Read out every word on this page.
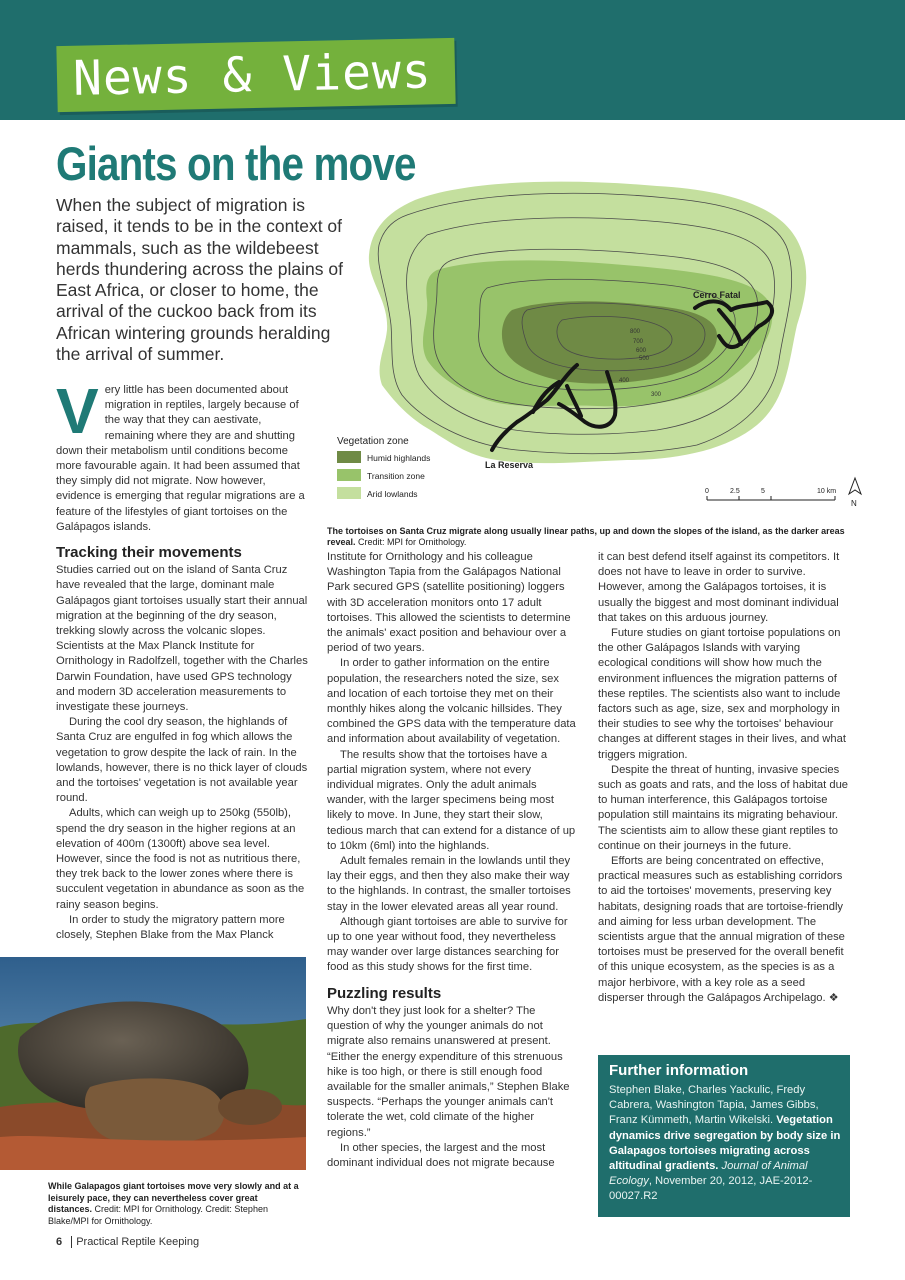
News & Views
Giants on the move

When the subject of migration is raised, it tends to be in the context of mammals, such as the wildebeest herds thundering across the plains of East Africa, or closer to home, the arrival of the cuckoo back from its African wintering grounds heralding the arrival of summer.

Very little has been documented about migration in reptiles, largely because of the way that they can aestivate, remaining where they are and shutting down their metabolism until conditions become more favourable again. It had been assumed that they simply did not migrate. Now however, evidence is emerging that regular migrations are a feature of the lifestyles of giant tortoises on the Galápagos islands.

800
700
600
500
400
300
Cerro Fatal
La Reserva
Vegetation zone
Humid highlands
Transition zone
Arid lowlands	0	2.5	5	10 km
N
The tortoises on Santa Cruz migrate along usually linear paths, up and down the slopes of the island, as the darker areas reveal. Credit: MPI for Ornithology.
Tracking their movements

Studies carried out on the island of Santa Cruz have revealed that the large, dominant male Galápagos giant tortoises usually start their annual migration at the beginning of the dry season, trekking slowly across the volcanic slopes. Scientists at the Max Planck Institute for Ornithology in Radolfzell, together with the Charles Darwin Foundation, have used GPS technology and modern 3D acceleration measurements to investigate these journeys.

During the cool dry season, the highlands of Santa Cruz are engulfed in fog which allows the vegetation to grow despite the lack of rain. In the lowlands, however, there is no thick layer of clouds and the tortoises' vegetation is not available year round.

Adults, which can weigh up to 250kg (550lb), spend the dry season in the higher regions at an elevation of 400m (1300ft) above sea level. However, since the food is not as nutritious there, they trek back to the lower zones where there is succulent vegetation in abundance as soon as the rainy season begins.

In order to study the migratory pattern more closely, Stephen Blake from the Max Planck

While Galapagos giant tortoises move very slowly and at a leisurely pace, they can nevertheless cover great distances. Credit: MPI for Ornithology. Credit: Stephen Blake/MPI for Ornithology.

Institute for Ornithology and his colleague Washington Tapia from the Galápagos National Park secured GPS (satellite positioning) loggers with 3D acceleration monitors onto 17 adult tortoises. This allowed the scientists to determine the animals' exact position and behaviour over a period of two years.

In order to gather information on the entire population, the researchers noted the size, sex and location of each tortoise they met on their monthly hikes along the volcanic hillsides. They combined the GPS data with the temperature data and information about availability of vegetation.

The results show that the tortoises have a partial migration system, where not every individual migrates. Only the adult animals wander, with the larger specimens being most likely to move. In June, they start their slow, tedious march that can extend for a distance of up to 10km (6ml) into the highlands.

Adult females remain in the lowlands until they lay their eggs, and then they also make their way to the highlands. In contrast, the smaller tortoises stay in the lower elevated areas all year round.

Although giant tortoises are able to survive for up to one year without food, they nevertheless may wander over large distances searching for food as this study shows for the first time.

Puzzling results

Why don't they just look for a shelter? The question of why the younger animals do not migrate also remains unanswered at present. “Either the energy expenditure of this strenuous hike is too high, or there is still enough food available for the smaller animals,” Stephen Blake suspects. “Perhaps the younger animals can't tolerate the wet, cold climate of the higher regions.”

In other species, the largest and the most dominant individual does not migrate because

it can best defend itself against its competitors. It does not have to leave in order to survive. However, among the Galápagos tortoises, it is usually the biggest and most dominant individual that takes on this arduous journey.

Future studies on giant tortoise populations on the other Galápagos Islands with varying ecological conditions will show how much the environment influences the migration patterns of these reptiles. The scientists also want to include factors such as age, size, sex and morphology in their studies to see why the tortoises' behaviour changes at different stages in their lives, and what triggers migration.

Despite the threat of hunting, invasive species such as goats and rats, and the loss of habitat due to human interference, this Galápagos tortoise population still maintains its migrating behaviour. The scientists aim to allow these giant reptiles to continue on their journeys in the future.

Efforts are being concentrated on effective, practical measures such as establishing corridors to aid the tortoises' movements, preserving key habitats, designing roads that are tortoise-friendly and aiming for less urban development. The scientists argue that the annual migration of these tortoises must be preserved for the overall benefit of this unique ecosystem, as the species is as a major herbivore, with a key role as a seed disperser through the Galápagos Archipelago. ❖

Further information
Stephen Blake, Charles Yackulic, Fredy Cabrera, Washington Tapia, James Gibbs, Franz Kümmeth, Martin Wikelski. Vegetation dynamics drive segregation by body size in Galapagos tortoises migrating across altitudinal gradients. Journal of Animal Ecology, November 20, 2012, JAE-2012-00027.R2
6 Practical Reptile Keeping
